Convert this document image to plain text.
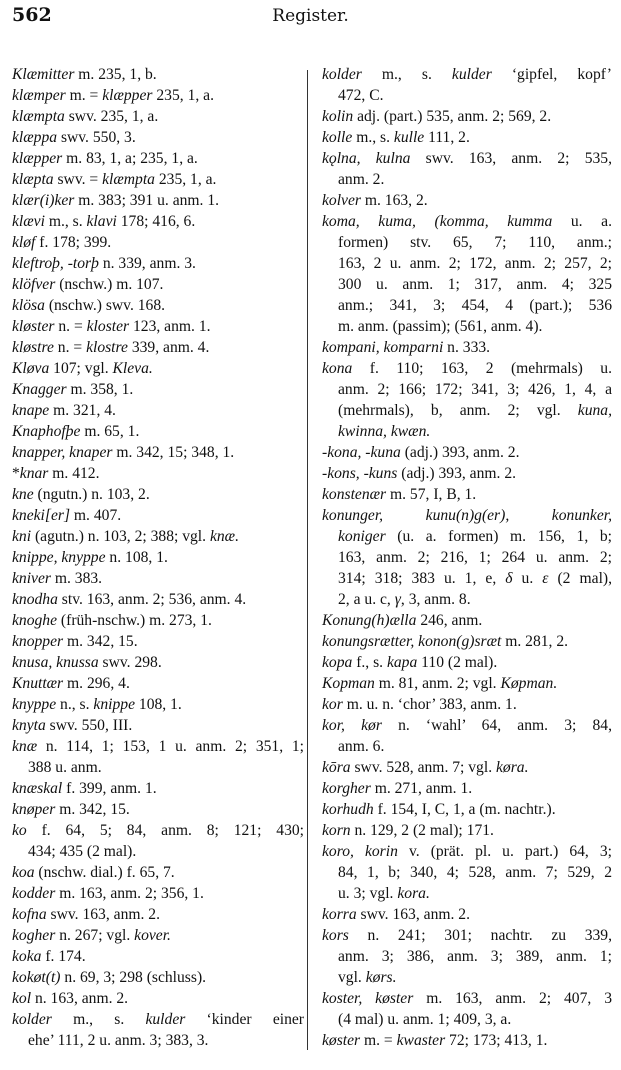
562	Register.
Klæmitter m. 235, 1, b.
klæmper m. = klæpper 235, 1, a.
klæmpta swv. 235, 1, a.
klæppa swv. 550, 3.
klæpper m. 83, 1, a; 235, 1, a.
klæpta swv. = klæmpta 235, 1, a.
klær(i)ker m. 383; 391 u. anm. 1.
klævi m., s. klavi 178; 416, 6.
kløf f. 178; 399.
kleftroþ, -torþ n. 339, anm. 3.
klöfver (nschw.) m. 107.
klösa (nschw.) swv. 168.
kløster n. = kloster 123, anm. 1.
kløstre n. = klostre 339, anm. 4.
Kløva 107; vgl. Kleva.
Knagger m. 358, 1.
knape m. 321, 4.
Knaphofþe m. 65, 1.
knapper, knaper m. 342, 15; 348, 1.
*knar m. 412.
kne (ngutn.) n. 103, 2.
kneki[er] m. 407.
kni (agutn.) n. 103, 2; 388; vgl. knæ.
knippe, knyppe n. 108, 1.
kniver m. 383.
knodha stv. 163, anm. 2; 536, anm. 4.
knoghe (früh-nschw.) m. 273, 1.
knopper m. 342, 15.
knusa, knussa swv. 298.
Knuttær m. 296, 4.
knyppe n., s. knippe 108, 1.
knyta swv. 550, III.
knæ n. 114, 1; 153, 1 u. anm. 2; 351, 1;
388 u. anm.
knæskal f. 399, anm. 1.
knøper m. 342, 15.
ko f. 64, 5; 84, anm. 8; 121; 430;
434; 435 (2 mal).
koa (nschw. dial.) f. 65, 7.
kodder m. 163, anm. 2; 356, 1.
kofna swv. 163, anm. 2.
kogher n. 267; vgl. kover.
koka f. 174.
kokøt(t) n. 69, 3; 298 (schluss).
kol n. 163, anm. 2.
kolder m., s. kulder ‘kinder einer
ehe’ 111, 2 u. anm. 3; 383, 3.
kolder m., s. kulder ‘gipfel, kopf’
472, C.
kolin adj. (part.) 535, anm. 2; 569, 2.
kolle m., s. kulle 111, 2.
kǫlna, kulna swv. 163, anm. 2; 535,
anm. 2.
kolver m. 163, 2.
koma, kuma, (komma, kumma u. a.
formen) stv. 65, 7; 110, anm.;
163, 2 u. anm. 2; 172, anm. 2; 257, 2;
300 u. anm. 1; 317, anm. 4; 325
anm.; 341, 3; 454, 4 (part.); 536
m. anm. (passim); (561, anm. 4).
kompani, komparni n. 333.
kona f. 110; 163, 2 (mehrmals) u.
anm. 2; 166; 172; 341, 3; 426, 1, 4, a
(mehrmals), b, anm. 2; vgl. kuna,
kwinna, kwæn.
-kona, -kuna (adj.) 393, anm. 2.
-kons, -kuns (adj.) 393, anm. 2.
konstenær m. 57, I, B, 1.
konunger, kunu(n)g(er), konunker,
koniger (u. a. formen) m. 156, 1, b;
163, anm. 2; 216, 1; 264 u. anm. 2;
314; 318; 383 u. 1, e, δ u. ε (2 mal),
2, a u. c, γ, 3, anm. 8.
Konung(h)ælla 246, anm.
konungsrætter, konon(g)sræt m. 281, 2.
kopa f., s. kapa 110 (2 mal).
Kopman m. 81, anm. 2; vgl. Køpman.
kor m. u. n. ‘chor’ 383, anm. 1.
kor, kør n. ‘wahl’ 64, anm. 3; 84,
anm. 6.
kōra swv. 528, anm. 7; vgl. køra.
korgher m. 271, anm. 1.
korhudh f. 154, I, C, 1, a (m. nachtr.).
korn n. 129, 2 (2 mal); 171.
koro, korin v. (prät. pl. u. part.) 64, 3;
84, 1, b; 340, 4; 528, anm. 7; 529, 2
u. 3; vgl. kora.
korra swv. 163, anm. 2.
kors n. 241; 301; nachtr. zu 339,
anm. 3; 386, anm. 3; 389, anm. 1;
vgl. kørs.
koster, køster m. 163, anm. 2; 407, 3
(4 mal) u. anm. 1; 409, 3, a.
køster m. = kwaster 72; 173; 413, 1.
